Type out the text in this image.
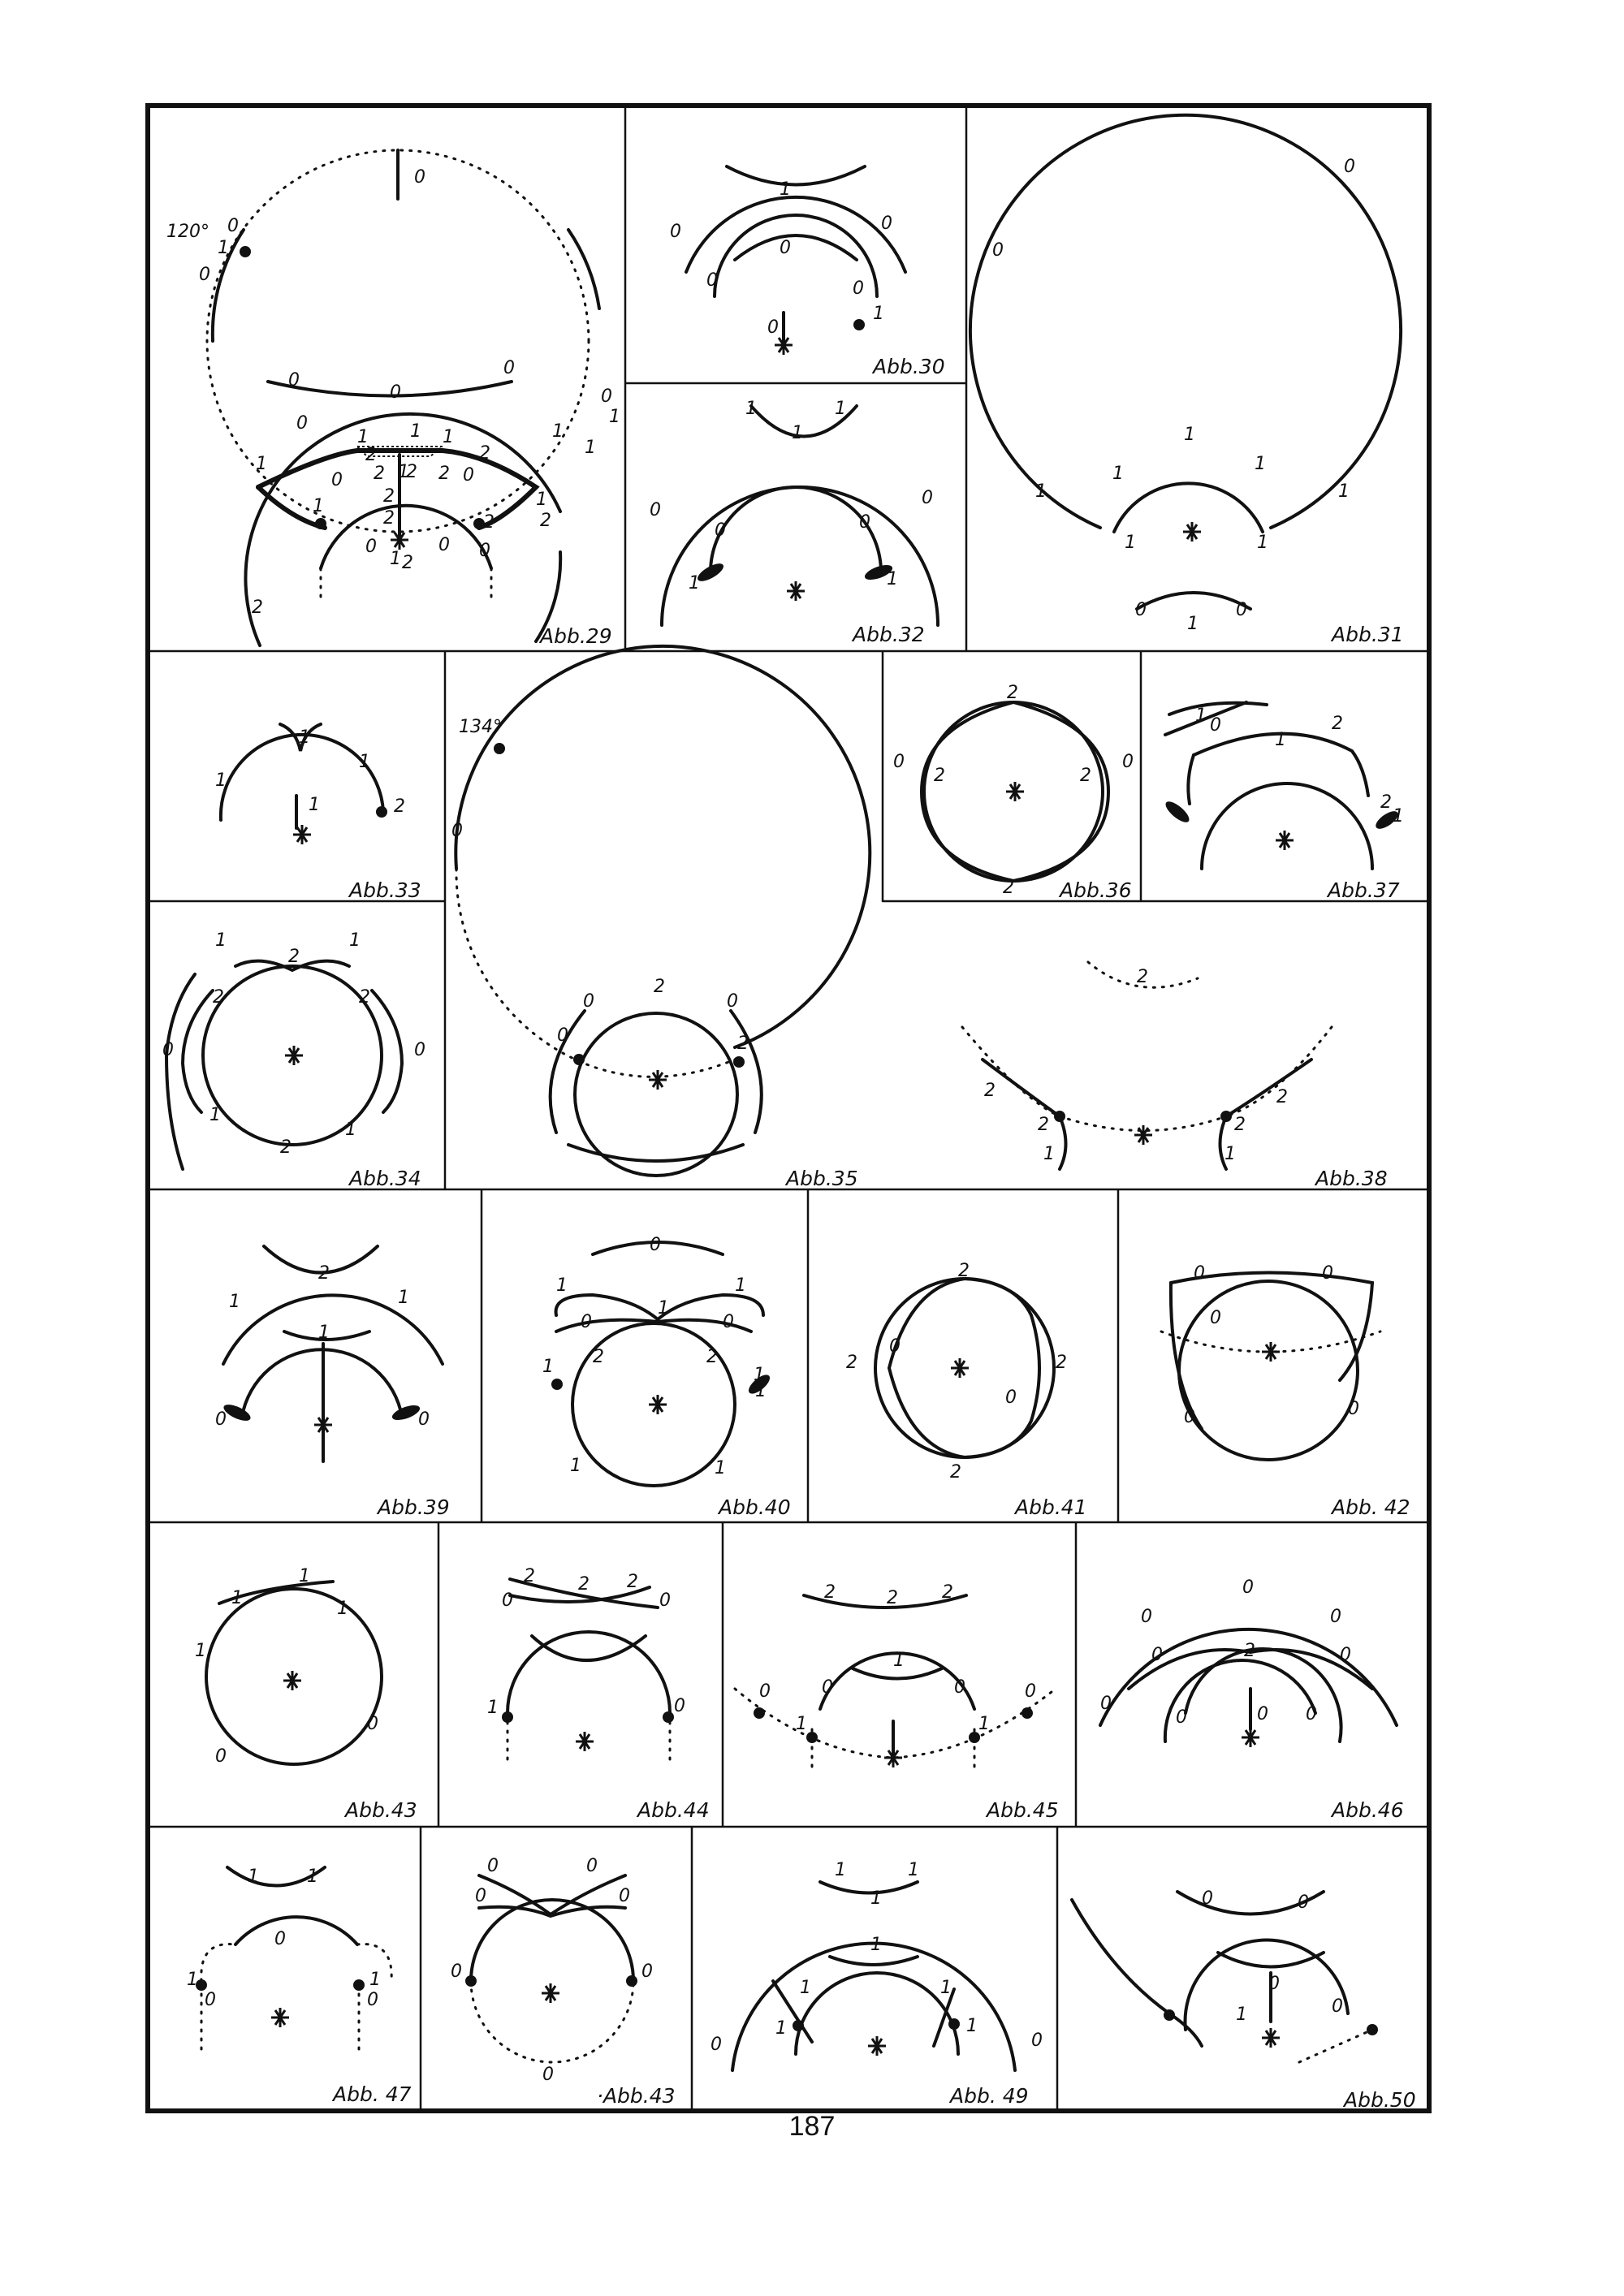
120° 0
0
1
0
0
0
0
0
1
1
1
0
1
2
1
2
2	2
0	1
2
2	0
1
2
1
0
1 2
0
2
2
0
2
1
1
Abb.29
1
0	0
0
0	0
0
1
Abb.30
0
0
1
1	1
1	1
1	1
0
1
0
Abb.31
1
1
1
0
0
0	0
1	1
Abb.32
1
1
1
1	2
Abb.33
134°
0
0
2
0
0	2
Abb.35
2
0
2	2
0
2 Abb.36
1 0
1
2
2
1
Abb.37
1
2
1
2	2
0	0
1
1
2
Abb.34
2
2	2
2	2
1	1
Abb.38
2
1	1
1
0	0
Abb.39
0
1	1
0
1
0
1 2	2
1
1
1	1
Abb.40
2
2
0
2
0
2
Abb.41
0	0
0
0	0
Abb. 42
1
1
1
1
0
0
Abb.43
2 2 2
0	0
1	0
Abb.44
2	2 2
1
0	0
0	0
1	1
Abb.45
0
0	0
0	2	0
0	0 0
0
Abb.46
1	1
0
1
0
1
0
Abb. 47
0	0
0	0
0	0
0
·Abb.43
1	1
1
1
1	1
1	1
0	0
Abb. 49
0	0
1
0
0
Abb.50
187
